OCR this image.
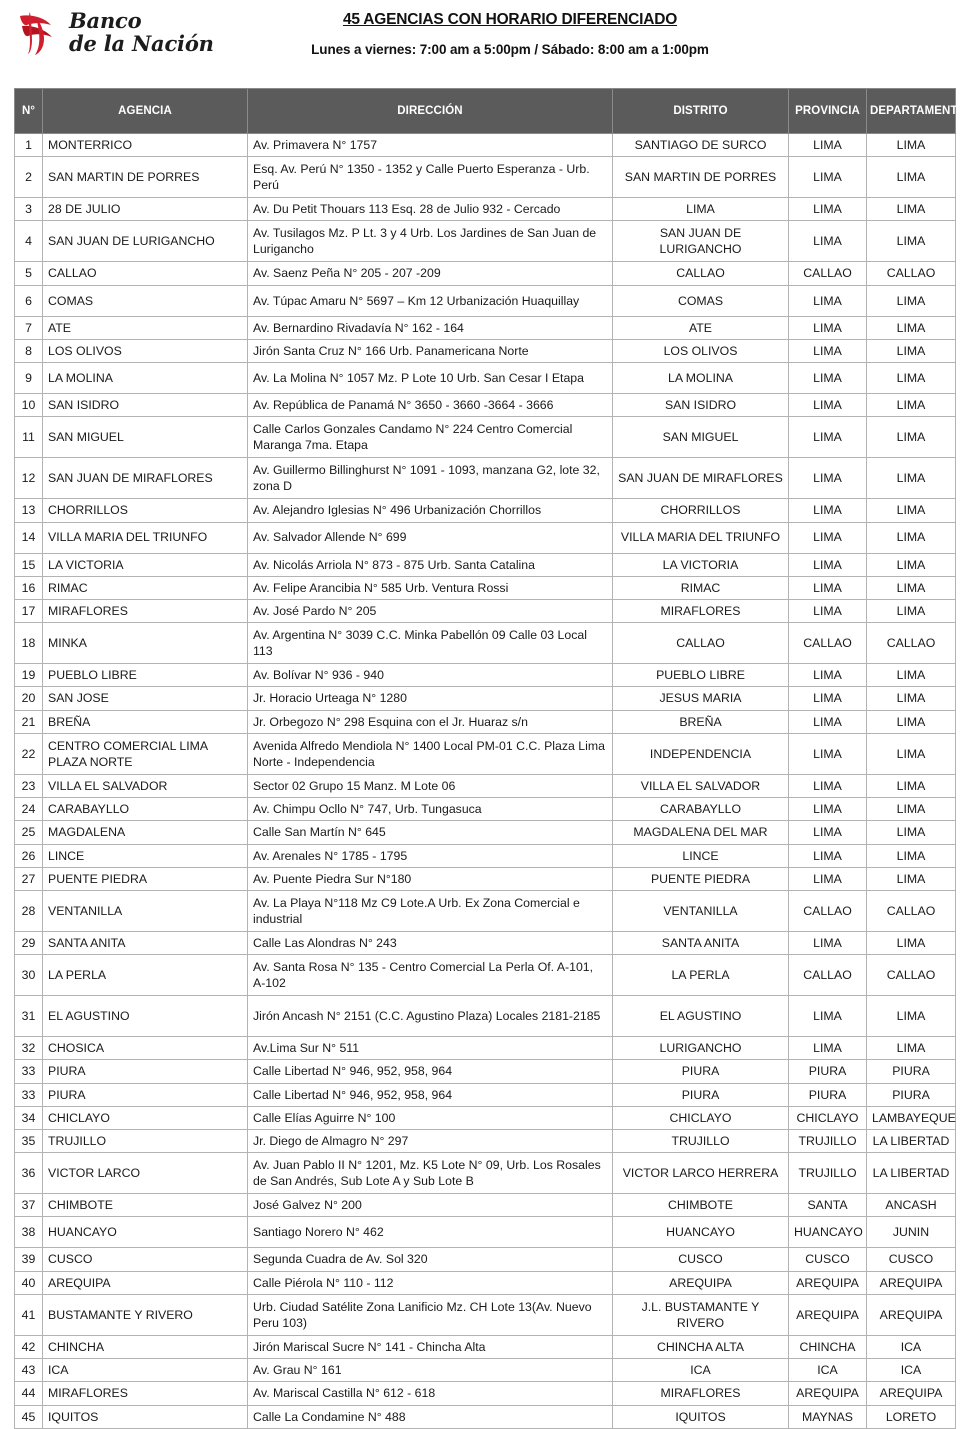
Banco
de la Nación
45 AGENCIAS CON HORARIO DIFERENCIADO
Lunes a viernes: 7:00 am a 5:00pm / Sábado: 8:00 am a 1:00pm
N°	AGENCIA	DIRECCIÓN	DISTRITO	PROVINCIA	DEPARTAMENTO
1	MONTERRICO	Av. Primavera N° 1757	SANTIAGO DE SURCO	LIMA	LIMA
2	SAN MARTIN DE PORRES	Esq. Av. Perú N° 1350 - 1352 y Calle Puerto Esperanza - Urb. Perú	SAN MARTIN DE PORRES	LIMA	LIMA
3	28 DE JULIO	Av. Du Petit Thouars 113 Esq. 28 de Julio 932 - Cercado	LIMA	LIMA	LIMA
4	SAN JUAN DE LURIGANCHO	Av. Tusilagos Mz. P Lt. 3 y 4 Urb. Los Jardines de San Juan de Lurigancho	SAN JUAN DE LURIGANCHO	LIMA	LIMA
5	CALLAO	Av. Saenz Peña N° 205 - 207 -209	CALLAO	CALLAO	CALLAO
6	COMAS	Av. Túpac Amaru N° 5697 – Km 12 Urbanización Huaquillay	COMAS	LIMA	LIMA
7	ATE	Av. Bernardino Rivadavía N° 162 - 164	ATE	LIMA	LIMA
8	LOS OLIVOS	Jirón Santa Cruz N° 166 Urb. Panamericana Norte	LOS OLIVOS	LIMA	LIMA
9	LA MOLINA	Av. La Molina N° 1057 Mz. P Lote 10 Urb. San Cesar I Etapa	LA MOLINA	LIMA	LIMA
10	SAN ISIDRO	Av. República de Panamá N° 3650 - 3660 -3664 - 3666	SAN ISIDRO	LIMA	LIMA
11	SAN MIGUEL	Calle Carlos Gonzales Candamo N° 224 Centro Comercial Maranga 7ma. Etapa	SAN MIGUEL	LIMA	LIMA
12	SAN JUAN DE MIRAFLORES	Av. Guillermo Billinghurst N° 1091 - 1093, manzana G2, lote 32, zona D	SAN JUAN DE MIRAFLORES	LIMA	LIMA
13	CHORRILLOS	Av. Alejandro Iglesias N° 496 Urbanización Chorrillos	CHORRILLOS	LIMA	LIMA
14	VILLA MARIA DEL TRIUNFO	Av. Salvador Allende N° 699	VILLA MARIA DEL TRIUNFO	LIMA	LIMA
15	LA VICTORIA	Av. Nicolás Arriola N° 873 - 875 Urb. Santa Catalina	LA VICTORIA	LIMA	LIMA
16	RIMAC	Av. Felipe Arancibia N° 585 Urb. Ventura Rossi	RIMAC	LIMA	LIMA
17	MIRAFLORES	Av. José Pardo N° 205	MIRAFLORES	LIMA	LIMA
18	MINKA	Av. Argentina N° 3039 C.C. Minka Pabellón 09 Calle 03 Local 113	CALLAO	CALLAO	CALLAO
19	PUEBLO LIBRE	Av. Bolívar N° 936 - 940	PUEBLO LIBRE	LIMA	LIMA
20	SAN JOSE	Jr. Horacio Urteaga N° 1280	JESUS MARIA	LIMA	LIMA
21	BREÑA	Jr. Orbegozo N° 298 Esquina con el Jr. Huaraz s/n	BREÑA	LIMA	LIMA
22	CENTRO COMERCIAL LIMA PLAZA NORTE	Avenida Alfredo Mendiola N° 1400 Local PM-01 C.C. Plaza Lima Norte - Independencia	INDEPENDENCIA	LIMA	LIMA
23	VILLA EL SALVADOR	Sector 02 Grupo 15 Manz. M Lote 06	VILLA EL SALVADOR	LIMA	LIMA
24	CARABAYLLO	Av. Chimpu Ocllo N° 747, Urb. Tungasuca	CARABAYLLO	LIMA	LIMA
25	MAGDALENA	Calle San Martín N° 645	MAGDALENA DEL MAR	LIMA	LIMA
26	LINCE	Av. Arenales N° 1785 - 1795	LINCE	LIMA	LIMA
27	PUENTE PIEDRA	Av. Puente Piedra Sur N°180	PUENTE PIEDRA	LIMA	LIMA
28	VENTANILLA	Av. La Playa N°118 Mz C9 Lote.A Urb. Ex Zona Comercial e industrial	VENTANILLA	CALLAO	CALLAO
29	SANTA ANITA	Calle Las Alondras N° 243	SANTA ANITA	LIMA	LIMA
30	LA PERLA	Av. Santa Rosa N° 135 - Centro Comercial La Perla Of. A-101, A-102	LA PERLA	CALLAO	CALLAO
31	EL AGUSTINO	Jirón Ancash N° 2151 (C.C. Agustino Plaza) Locales 2181-2185	EL AGUSTINO	LIMA	LIMA
32	CHOSICA	Av.Lima Sur N° 511	LURIGANCHO	LIMA	LIMA
33	PIURA	Calle Libertad N° 946, 952, 958, 964	PIURA	PIURA	PIURA
33	PIURA	Calle Libertad N° 946, 952, 958, 964	PIURA	PIURA	PIURA
34	CHICLAYO	Calle Elías Aguirre N° 100	CHICLAYO	CHICLAYO	LAMBAYEQUE
35	TRUJILLO	Jr. Diego de Almagro N° 297	TRUJILLO	TRUJILLO	LA LIBERTAD
36	VICTOR LARCO	Av. Juan Pablo II N° 1201, Mz. K5 Lote N° 09, Urb. Los Rosales de San Andrés, Sub Lote A y Sub Lote B	VICTOR LARCO HERRERA	TRUJILLO	LA LIBERTAD
37	CHIMBOTE	José Galvez N° 200	CHIMBOTE	SANTA	ANCASH
38	HUANCAYO	Santiago Norero N° 462	HUANCAYO	HUANCAYO	JUNIN
39	CUSCO	Segunda Cuadra de Av. Sol 320	CUSCO	CUSCO	CUSCO
40	AREQUIPA	Calle Piérola N° 110 - 112	AREQUIPA	AREQUIPA	AREQUIPA
41	BUSTAMANTE Y RIVERO	Urb. Ciudad Satélite Zona Lanificio Mz. CH Lote 13(Av. Nuevo Peru 103)	J.L. BUSTAMANTE Y RIVERO	AREQUIPA	AREQUIPA
42	CHINCHA	Jirón Mariscal Sucre N° 141 - Chincha Alta	CHINCHA ALTA	CHINCHA	ICA
43	ICA	Av. Grau N° 161	ICA	ICA	ICA
44	MIRAFLORES	Av. Mariscal Castilla N° 612 - 618	MIRAFLORES	AREQUIPA	AREQUIPA
45	IQUITOS	Calle La Condamine N° 488	IQUITOS	MAYNAS	LORETO
